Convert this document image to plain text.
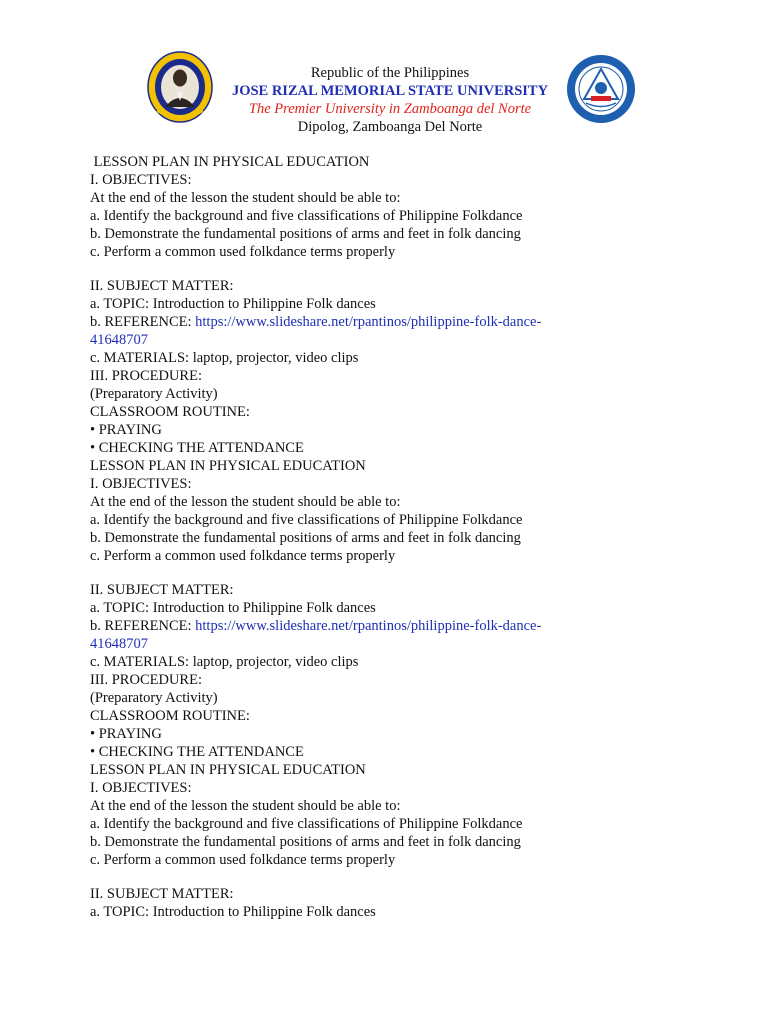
Republic of the Philippines
JOSE RIZAL MEMORIAL STATE UNIVERSITY
The Premier University in Zamboanga del Norte
Dipolog, Zamboanga Del Norte
LESSON PLAN IN PHYSICAL EDUCATION
I. OBJECTIVES:
At the end of the lesson the student should be able to:
a. Identify the background and five classifications of Philippine Folkdance
b. Demonstrate the fundamental positions of arms and feet in folk dancing
c. Perform a common used folkdance terms properly
II. SUBJECT MATTER:
a. TOPIC: Introduction to Philippine Folk dances
b. REFERENCE: https://www.slideshare.net/rpantinos/philippine-folk-dance-
41648707
c. MATERIALS: laptop, projector, video clips
III. PROCEDURE:
(Preparatory Activity)
CLASSROOM ROUTINE:
• PRAYING
• CHECKING THE ATTENDANCE
LESSON PLAN IN PHYSICAL EDUCATION
I. OBJECTIVES:
At the end of the lesson the student should be able to:
a. Identify the background and five classifications of Philippine Folkdance
b. Demonstrate the fundamental positions of arms and feet in folk dancing
c. Perform a common used folkdance terms properly
II. SUBJECT MATTER:
a. TOPIC: Introduction to Philippine Folk dances
b. REFERENCE: https://www.slideshare.net/rpantinos/philippine-folk-dance-
41648707
c. MATERIALS: laptop, projector, video clips
III. PROCEDURE:
(Preparatory Activity)
CLASSROOM ROUTINE:
• PRAYING
• CHECKING THE ATTENDANCE
LESSON PLAN IN PHYSICAL EDUCATION
I. OBJECTIVES:
At the end of the lesson the student should be able to:
a. Identify the background and five classifications of Philippine Folkdance
b. Demonstrate the fundamental positions of arms and feet in folk dancing
c. Perform a common used folkdance terms properly
II. SUBJECT MATTER:
a. TOPIC: Introduction to Philippine Folk dances
